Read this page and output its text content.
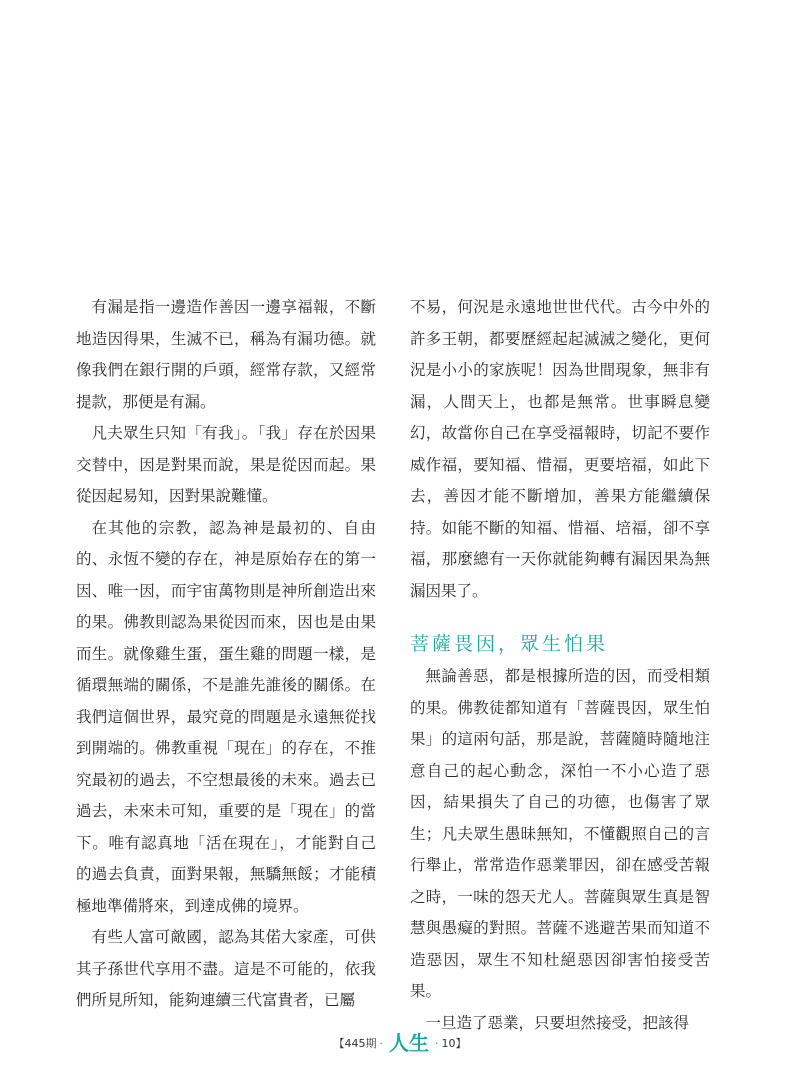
有漏是指一邊造作善因一邊享福報，不斷地造因得果，生滅不已，稱為有漏功德。就像我們在銀行開的戶頭，經常存款，又經常提款，那便是有漏。

凡夫眾生只知「有我」。「我」存在於因果交替中，因是對果而說，果是從因而起。果從因起易知，因對果說難懂。

在其他的宗教，認為神是最初的、自由的、永恆不變的存在，神是原始存在的第一因、唯一因，而宇宙萬物則是神所創造出來的果。佛教則認為果從因而來，因也是由果而生。就像雞生蛋，蛋生雞的問題一樣，是循環無端的關係，不是誰先誰後的關係。在我們這個世界，最究竟的問題是永遠無從找到開端的。佛教重視「現在」的存在，不推究最初的過去，不空想最後的未來。過去已過去，未來未可知，重要的是「現在」的當下。唯有認真地「活在現在」，才能對自己的過去負責，面對果報，無驕無餒；才能積極地準備將來，到達成佛的境界。

有些人富可敵國，認為其偌大家產，可供其子孫世代享用不盡。這是不可能的，依我們所見所知，能夠連續三代富貴者，已屬

不易，何況是永遠地世世代代。古今中外的許多王朝，都要歷經起起滅滅之變化，更何況是小小的家族呢！因為世間現象，無非有漏，人間天上，也都是無常。世事瞬息變幻，故當你自己在享受福報時，切記不要作威作福，要知福、惜福，更要培福，如此下去，善因才能不斷增加，善果方能繼續保持。如能不斷的知福、惜福、培福，卻不享福，那麼總有一天你就能夠轉有漏因果為無漏因果了。

菩薩畏因，眾生怕果

無論善惡，都是根據所造的因，而受相類的果。佛教徒都知道有「菩薩畏因，眾生怕果」的這兩句話，那是說，菩薩隨時隨地注意自己的起心動念，深怕一不小心造了惡因，結果損失了自己的功德，也傷害了眾生；凡夫眾生愚昧無知，不懂觀照自己的言行舉止，常常造作惡業罪因，卻在感受苦報之時，一味的怨天尤人。菩薩與眾生真是智慧與愚癡的對照。菩薩不逃避苦果而知道不造惡因，眾生不知杜絕惡因卻害怕接受苦果。

一旦造了惡業，只要坦然接受，把該得

【445期 · 人生 · 10】
